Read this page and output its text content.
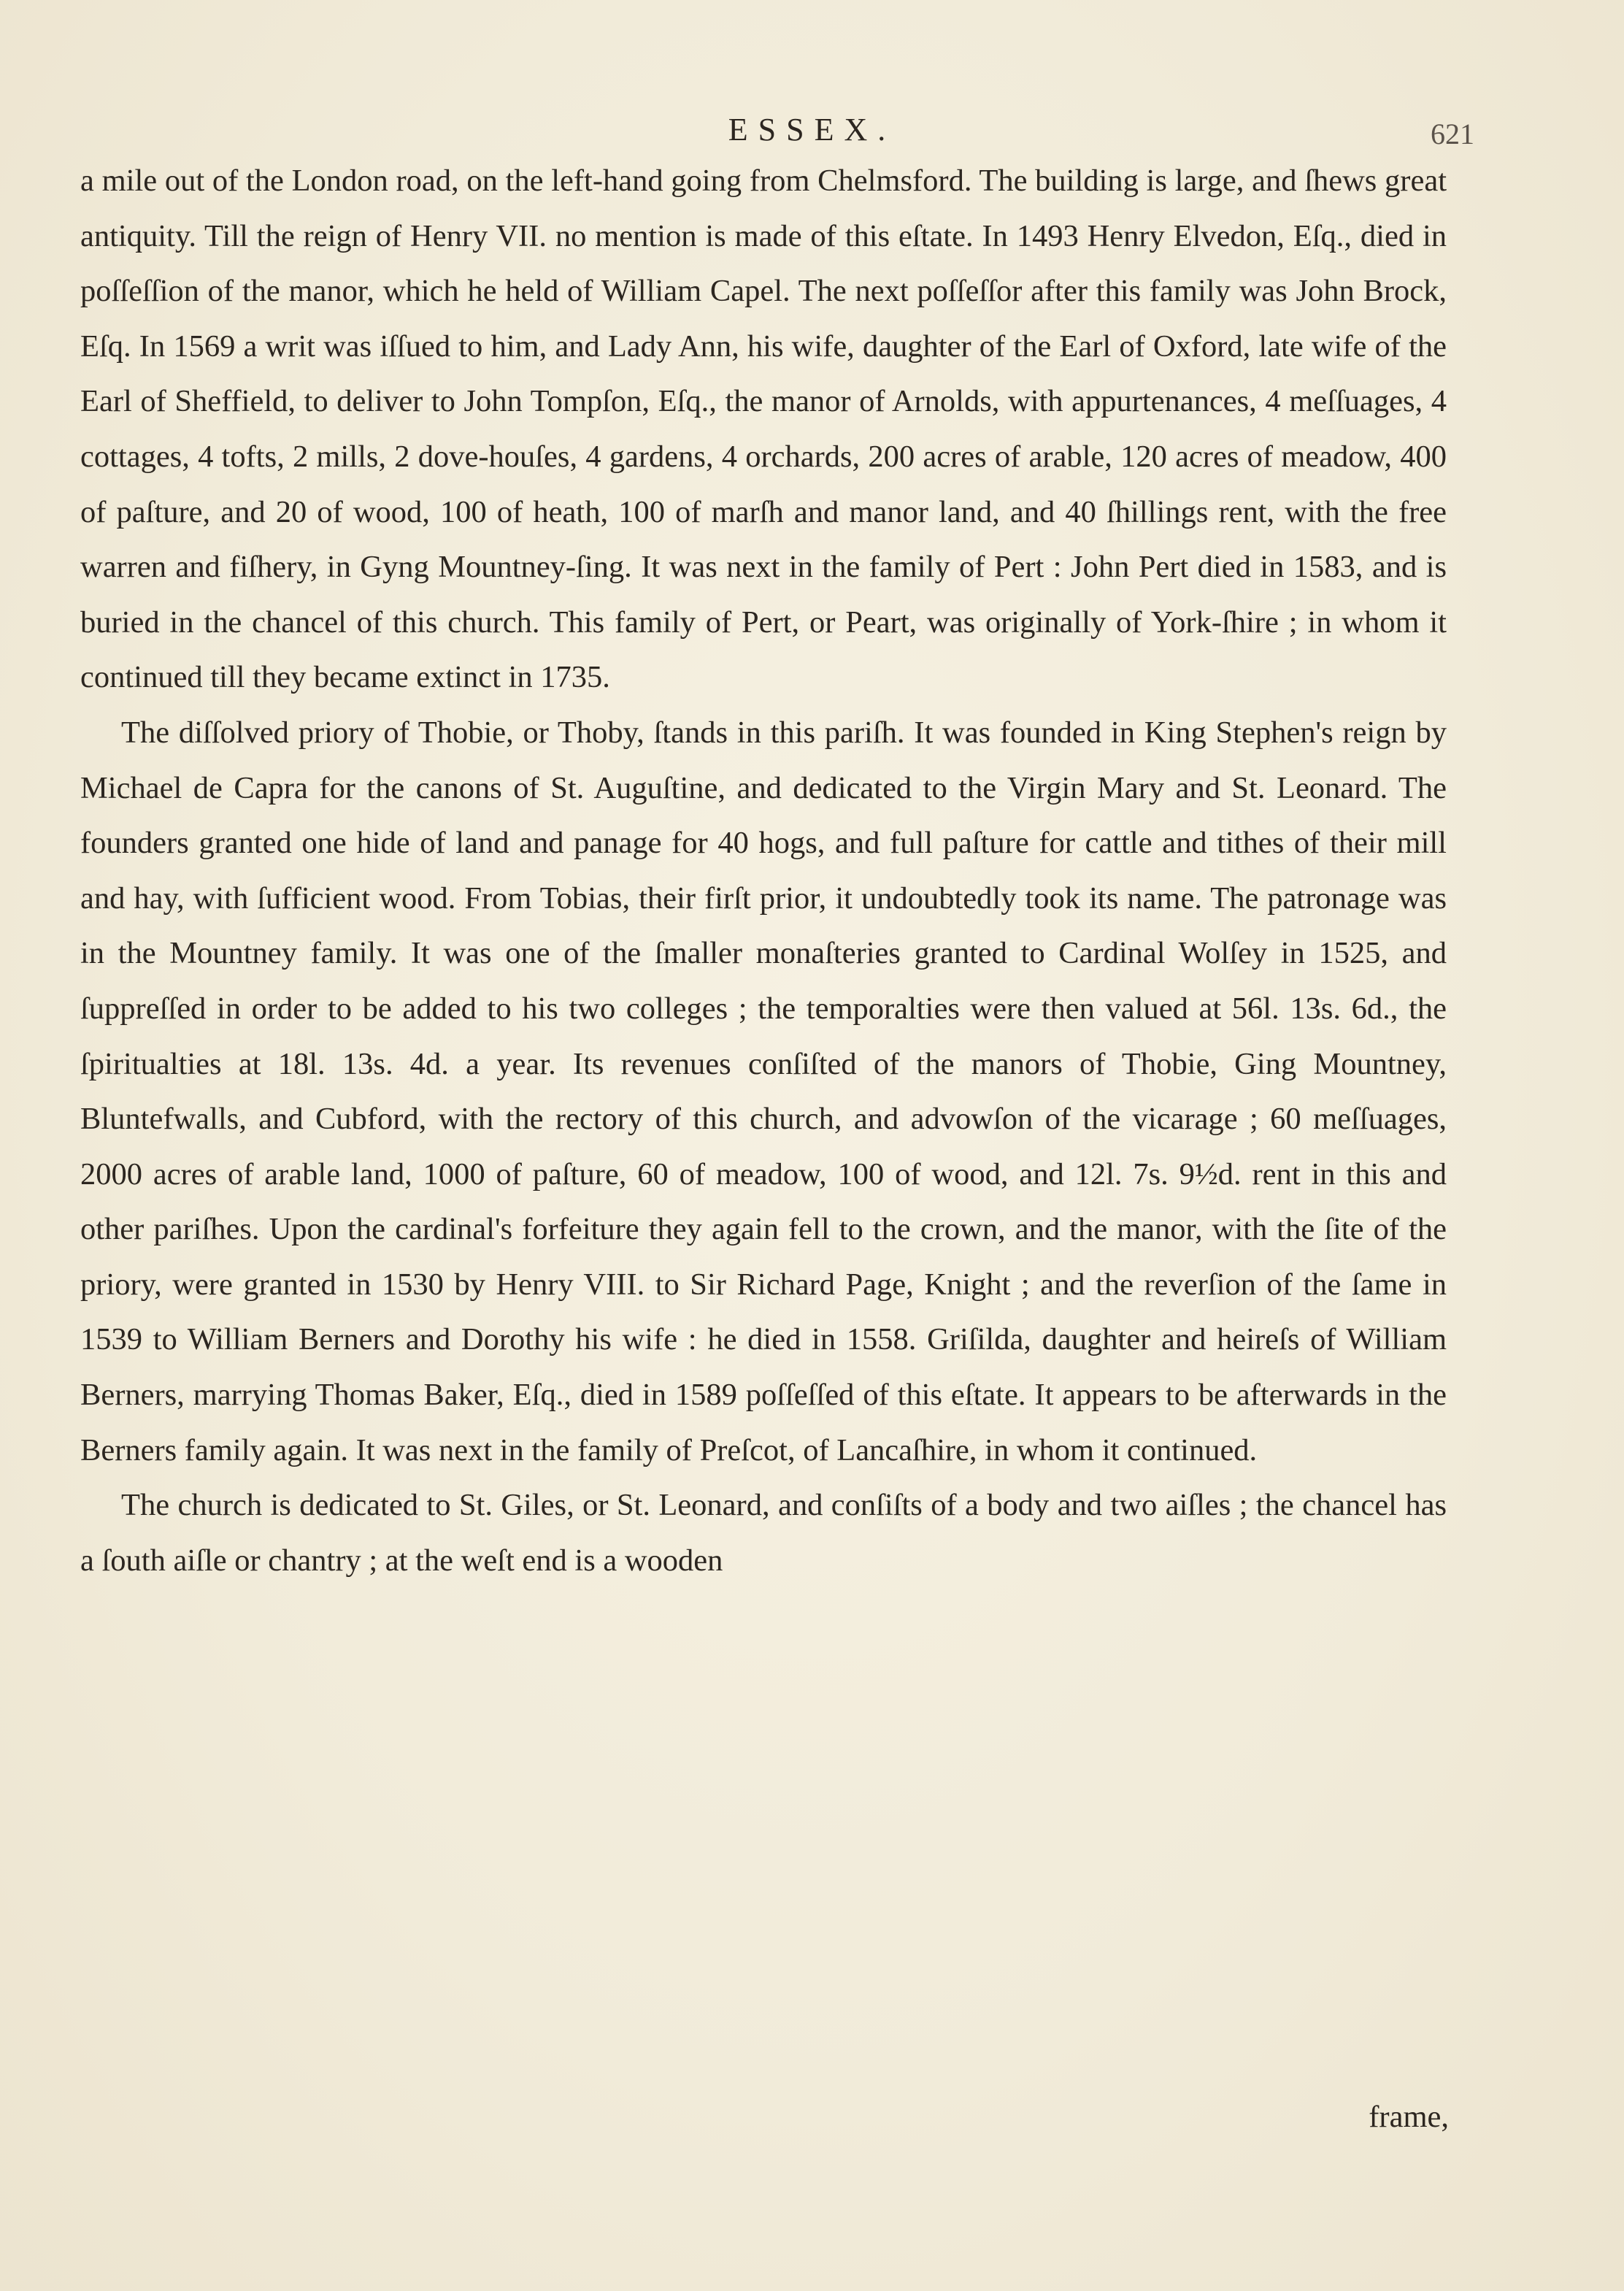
ESSEX.	621

a mile out of the London road, on the left-hand going from Chelmsford. The building is large, and ſhews great antiquity. Till the reign of Henry VII. no mention is made of this eſtate. In 1493 Henry Elvedon, Eſq., died in poſſeſſion of the manor, which he held of William Capel. The next poſſeſſor after this family was John Brock, Eſq. In 1569 a writ was iſſued to him, and Lady Ann, his wife, daughter of the Earl of Oxford, late wife of the Earl of Sheffield, to deliver to John Tompſon, Eſq., the manor of Arnolds, with appurtenances, 4 meſſuages, 4 cottages, 4 tofts, 2 mills, 2 dove-houſes, 4 gardens, 4 orchards, 200 acres of arable, 120 acres of meadow, 400 of paſture, and 20 of wood, 100 of heath, 100 of marſh and manor land, and 40 ſhillings rent, with the free warren and fiſhery, in Gyng Mountney-ſing. It was next in the family of Pert : John Pert died in 1583, and is buried in the chancel of this church. This family of Pert, or Peart, was originally of York-ſhire ; in whom it continued till they became extinct in 1735.

The diſſolved priory of Thobie, or Thoby, ſtands in this pariſh. It was founded in King Stephen's reign by Michael de Capra for the canons of St. Auguſtine, and dedicated to the Virgin Mary and St. Leonard. The founders granted one hide of land and panage for 40 hogs, and full paſture for cattle and tithes of their mill and hay, with ſufficient wood. From Tobias, their firſt prior, it undoubtedly took its name. The patronage was in the Mountney family. It was one of the ſmaller monaſteries granted to Cardinal Wolſey in 1525, and ſuppreſſed in order to be added to his two colleges ; the temporalties were then valued at 56l. 13s. 6d., the ſpiritualties at 18l. 13s. 4d. a year. Its revenues conſiſted of the manors of Thobie, Ging Mountney, Bluntefwalls, and Cubford, with the rectory of this church, and advowſon of the vicarage ; 60 meſſuages, 2000 acres of arable land, 1000 of paſture, 60 of meadow, 100 of wood, and 12l. 7s. 9½d. rent in this and other pariſhes. Upon the cardinal's forfeiture they again fell to the crown, and the manor, with the ſite of the priory, were granted in 1530 by Henry VIII. to Sir Richard Page, Knight ; and the reverſion of the ſame in 1539 to William Berners and Dorothy his wife : he died in 1558. Griſilda, daughter and heireſs of William Berners, marrying Thomas Baker, Eſq., died in 1589 poſſeſſed of this eſtate. It appears to be afterwards in the Berners family again. It was next in the family of Preſcot, of Lancaſhire, in whom it continued.

The church is dedicated to St. Giles, or St. Leonard, and conſiſts of a body and two aiſles ; the chancel has a ſouth aiſle or chantry ; at the weſt end is a wooden

frame,
